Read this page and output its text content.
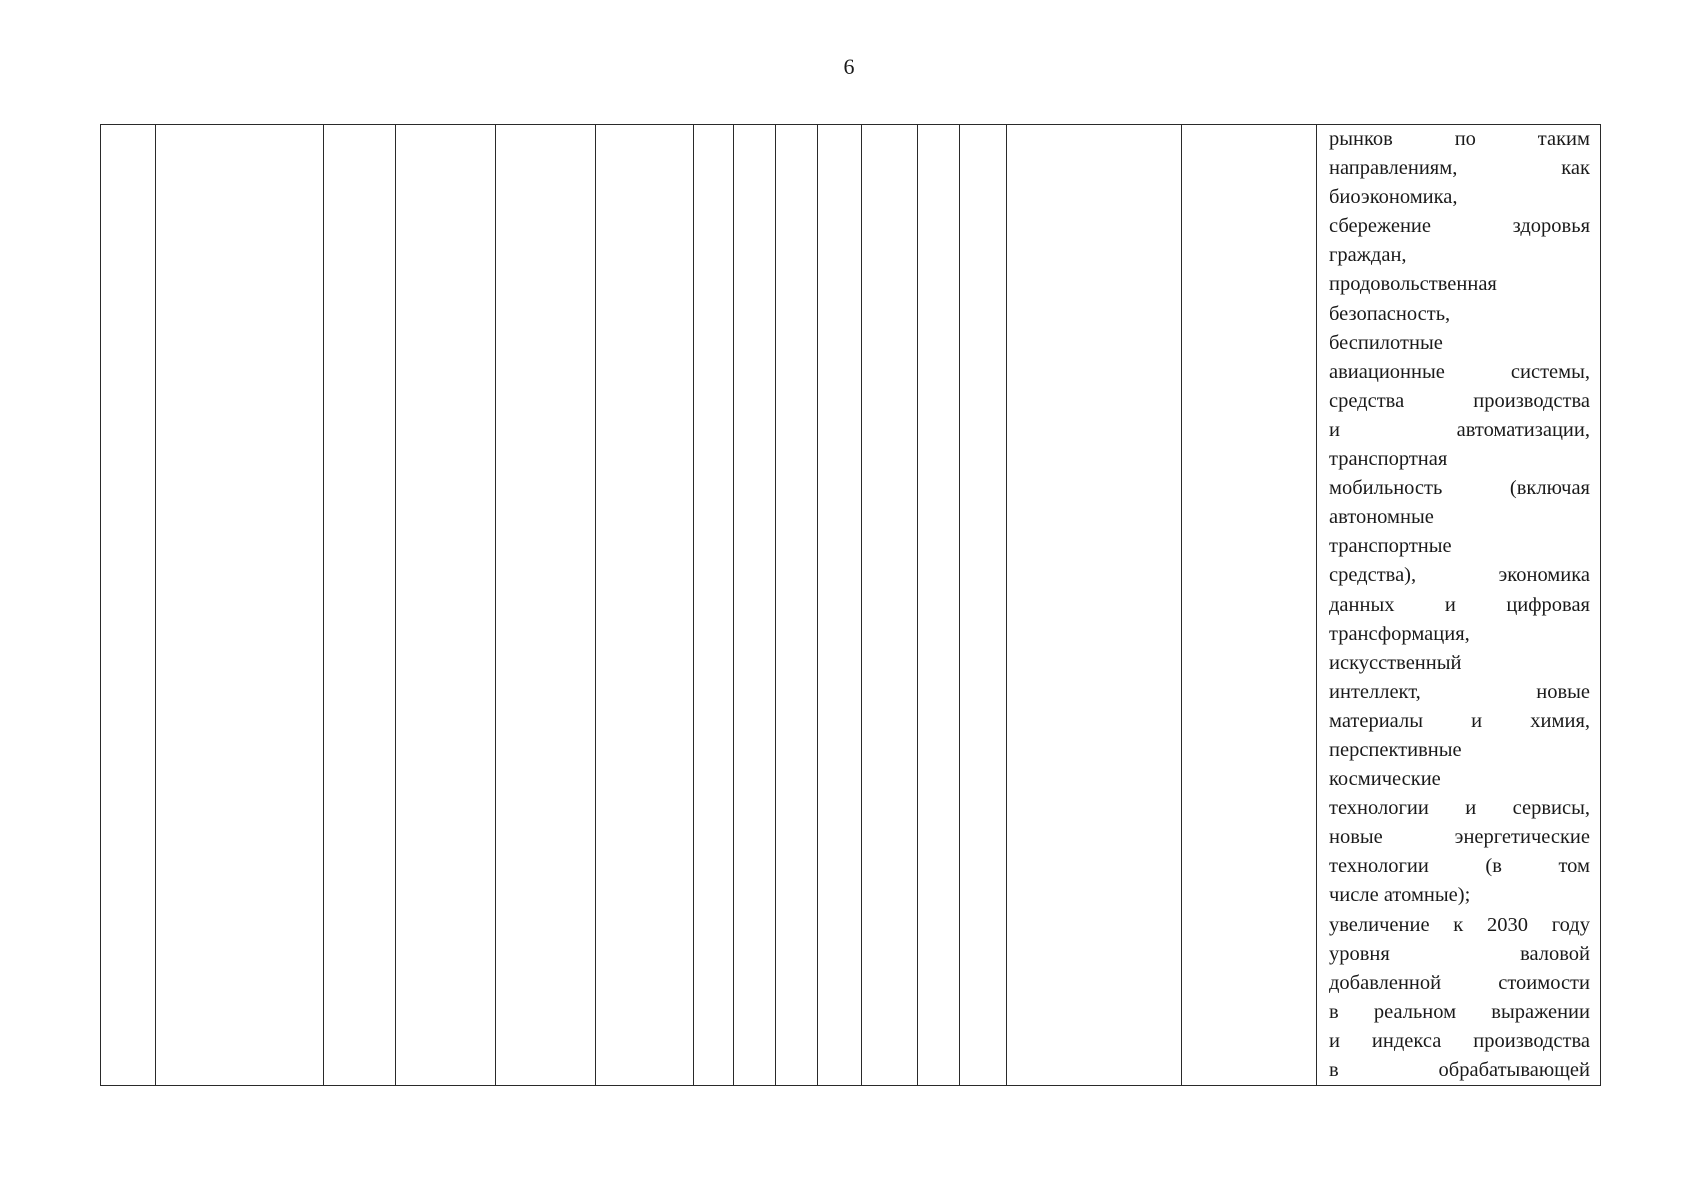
6

рынков по таким
направлениям, как
биоэкономика,
сбережение здоровья
граждан,
продовольственная
безопасность,
беспилотные
авиационные системы,
средства производства
и автоматизации,
транспортная
мобильность (включая
автономные
транспортные
средства), экономика
данных и цифровая
трансформация,
искусственный
интеллект, новые
материалы и химия,
перспективные
космические
технологии и сервисы,
новые энергетические
технологии (в том
числе атомные);
увеличение к 2030 году
уровня валовой
добавленной стоимости
в реальном выражении
и индекса производства
в обрабатывающей
